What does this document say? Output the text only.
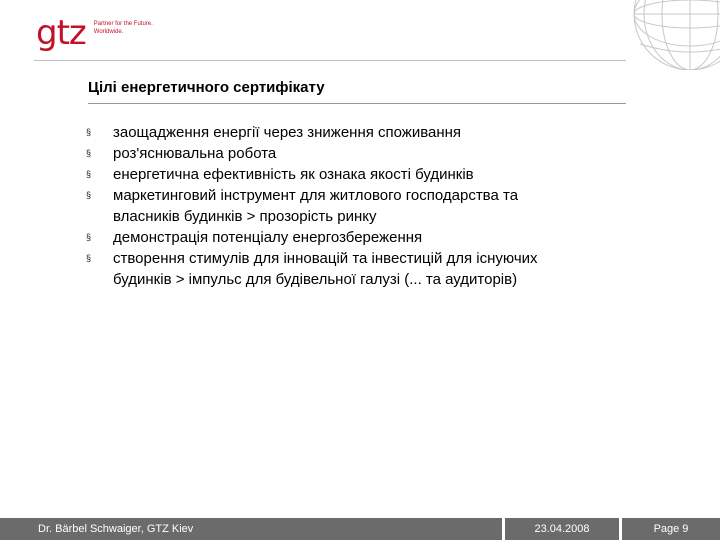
gtz Partner for the Future.
Worldwide.
Цілі енергетичного сертифікату
§	заощадження енергії через зниження споживання
§	роз'яснювальна робота
§	енергетична ефективність як ознака якості будинків
§	маркетинговий інструмент для житлового господарства та
власників будинків > прозорість ринку
§	демонстрація потенціалу енергозбереження
§	створення стимулів для інновацій та інвестицій для існуючих
будинків > імпульс для будівельної галузі (... та аудиторів)
Dr. Bärbel Schwaiger, GTZ Kiev	23.04.2008	Page 9
